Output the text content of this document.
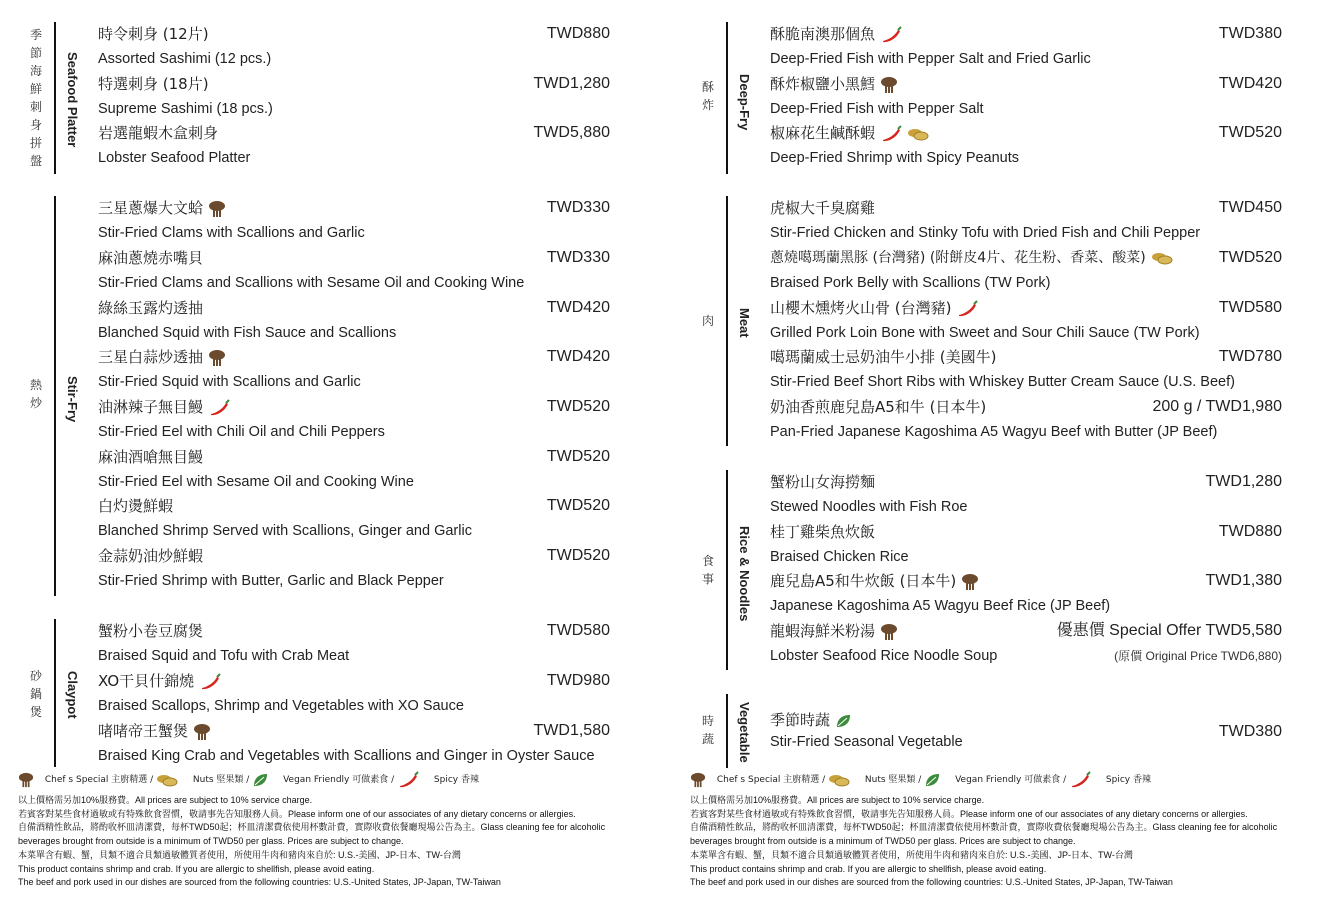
季
節
海
鮮
刺
身
拼
盤
Seafood Platter
時令刺身 (12片)
Assorted Sashimi (12 pcs.)
TWD880
特選刺身 (18片)
Supreme Sashimi (18 pcs.)
TWD1,280
岩選龍蝦木盒刺身
Lobster Seafood Platter
TWD5,880
熱
炒	Stir-Fry
三星蔥爆大文蛤
Stir-Fried Clams with Scallions and Garlic
TWD330
麻油蔥燒赤嘴貝
Stir-Fried Clams and Scallions with Sesame Oil and Cooking Wine
TWD330
綠絲玉露灼透抽
Blanched Squid with Fish Sauce and Scallions
TWD420
三星白蒜炒透抽
Stir-Fried Squid with Scallions and Garlic
TWD420
油淋辣子無目鰻
Stir-Fried Eel with Chili Oil and Chili Peppers
TWD520
麻油酒嗆無目鰻
Stir-Fried Eel with Sesame Oil and Cooking Wine
TWD520
白灼燙鮮蝦
Blanched Shrimp Served with Scallions, Ginger and Garlic
TWD520
金蒜奶油炒鮮蝦
Stir-Fried Shrimp with Butter, Garlic and Black Pepper
TWD520
砂
鍋
煲	Claypot
蟹粉小卷豆腐煲
Braised Squid and Tofu with Crab Meat
TWD580
XO干貝什錦燒
Braised Scallops, Shrimp and Vegetables with XO Sauce
TWD980
啫啫帝王蟹煲
Braised King Crab and Vegetables with Scallions and Ginger in Oyster Sauce
TWD1,580
Chef s Special 主廚精選 /	Nuts 堅果類 /	Vegan Friendly 可做素食 /	Spicy 香辣
以上價格需另加10%服務費。All prices are subject to 10% service charge.
若賓客對某些食材過敏或有特殊飲食習慣，敬請事先告知服務人員。Please inform one of our associates of any dietary concerns or allergies.
自備酒精性飲品，將酌收杯皿清潔費，每杯TWD50起；杯皿清潔費依使用杯數計費，實際收費依餐廳現場公告為主。Glass cleaning fee for alcoholic beverages brought from outside is a minimum of TWD50 per glass. Prices are subject to change.
本菜單含有蝦、蟹，貝類不適合貝類過敏體質者使用，所使用牛肉和豬肉來自於: U.S.-美國、JP-日本、TW-台灣
This product contains shrimp and crab. If you are allergic to shellfish, please avoid eating.
The beef and pork used in our dishes are sourced from the following countries: U.S.-United States, JP-Japan, TW-Taiwan
酥
炸	Deep-Fry
酥脆南澳那個魚
Deep-Fried Fish with Pepper Salt and Fried Garlic
TWD380
酥炸椒鹽小黑鱈
Deep-Fried Fish with Pepper Salt
TWD420
椒麻花生鹹酥蝦
Deep-Fried Shrimp with Spicy Peanuts
TWD520
肉	Meat
虎椒大千臭腐雞
Stir-Fried Chicken and Stinky Tofu with Dried Fish and Chili Pepper
TWD450
蔥燒噶瑪蘭黑豚 (台灣豬) (附餅皮4片、花生粉、香菜、酸菜)
Braised Pork Belly with Scallions (TW Pork)
TWD520
山櫻木燻烤火山骨 (台灣豬)
Grilled Pork Loin Bone with Sweet and Sour Chili Sauce (TW Pork)
TWD580
噶瑪蘭威士忌奶油牛小排 (美國牛)
Stir-Fried Beef Short Ribs with Whiskey Butter Cream Sauce (U.S. Beef)
TWD780
奶油香煎鹿兒島A5和牛 (日本牛)
Pan-Fried Japanese Kagoshima A5 Wagyu Beef with Butter (JP Beef)
200 g / TWD1,980
食
事	Rice & Noodles
蟹粉山女海撈麵
Stewed Noodles with Fish Roe
TWD1,280
桂丁雞柴魚炊飯
Braised Chicken Rice
TWD880
鹿兒島A5和牛炊飯 (日本牛)
Japanese Kagoshima A5 Wagyu Beef Rice (JP Beef)
TWD1,380
龍蝦海鮮米粉湯
Lobster Seafood Rice Noodle Soup
優惠價 Special Offer TWD5,580
(原價 Original Price TWD6,880)
時
蔬	Vegetable 季節時蔬
Stir-Fried Seasonal Vegetable
TWD380
Chef s Special 主廚精選 /	Nuts 堅果類 /	Vegan Friendly 可做素食 /	Spicy 香辣
以上價格需另加10%服務費。All prices are subject to 10% service charge.
若賓客對某些食材過敏或有特殊飲食習慣，敬請事先告知服務人員。Please inform one of our associates of any dietary concerns or allergies.
自備酒精性飲品，將酌收杯皿清潔費，每杯TWD50起；杯皿清潔費依使用杯數計費，實際收費依餐廳現場公告為主。Glass cleaning fee for alcoholic beverages brought from outside is a minimum of TWD50 per glass. Prices are subject to change.
本菜單含有蝦、蟹，貝類不適合貝類過敏體質者使用，所使用牛肉和豬肉來自於: U.S.-美國、JP-日本、TW-台灣
This product contains shrimp and crab. If you are allergic to shellfish, please avoid eating.
The beef and pork used in our dishes are sourced from the following countries: U.S.-United States, JP-Japan, TW-Taiwan
